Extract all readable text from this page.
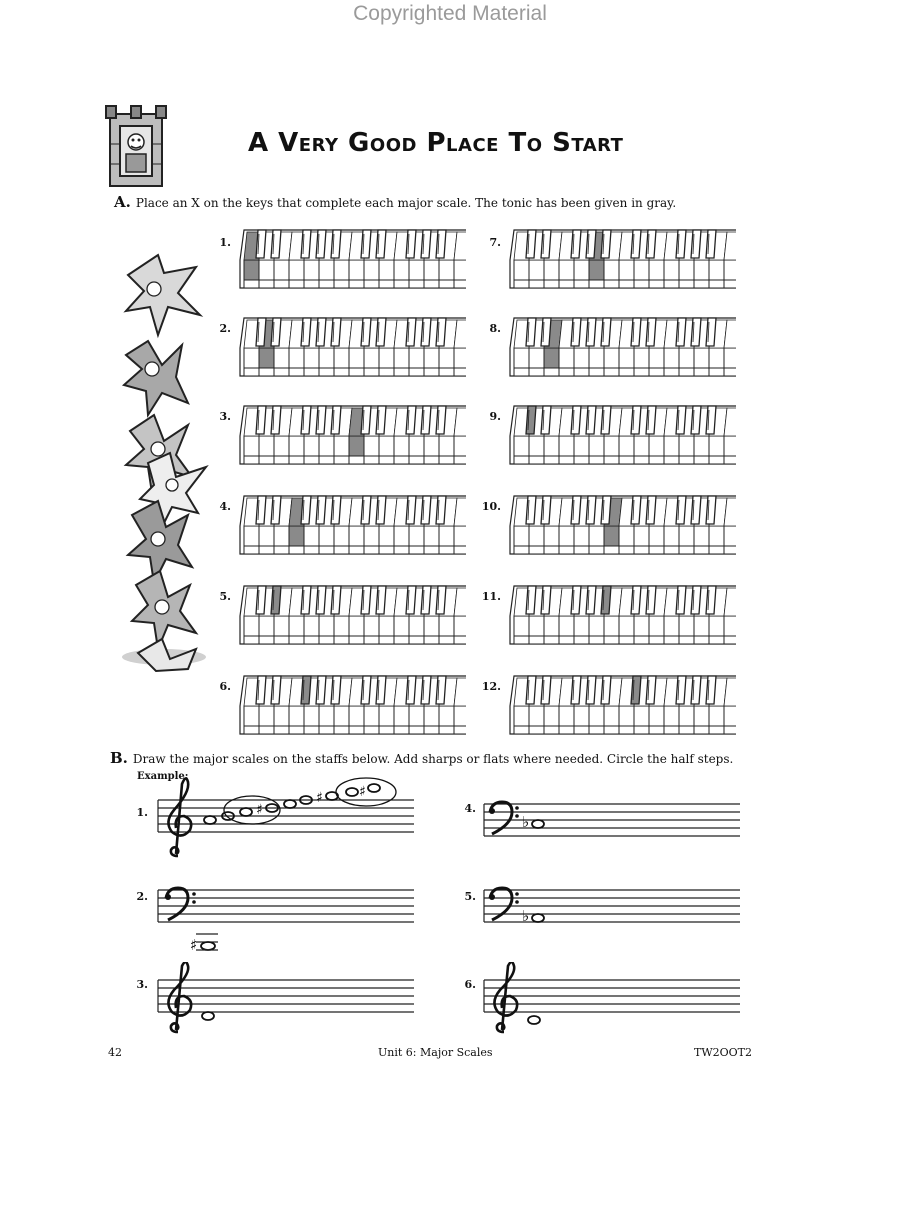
Copyrighted Material
A Very Good Place To Start
A. Place an X on the keys that complete each major scale. The tonic has been given in gray.
1.
2.
3.
4.
5.
6.
7.
8.
9.
10.
11.
12.
B. Draw the major scales on the staffs below. Add sharps or flats where needed. Circle the half steps.
Example:
1.
2.
3.
4.
5.
6.
♯
♯	♯
♯
♭
♭
42	Unit 6: Major Scales	TW2OOT2
